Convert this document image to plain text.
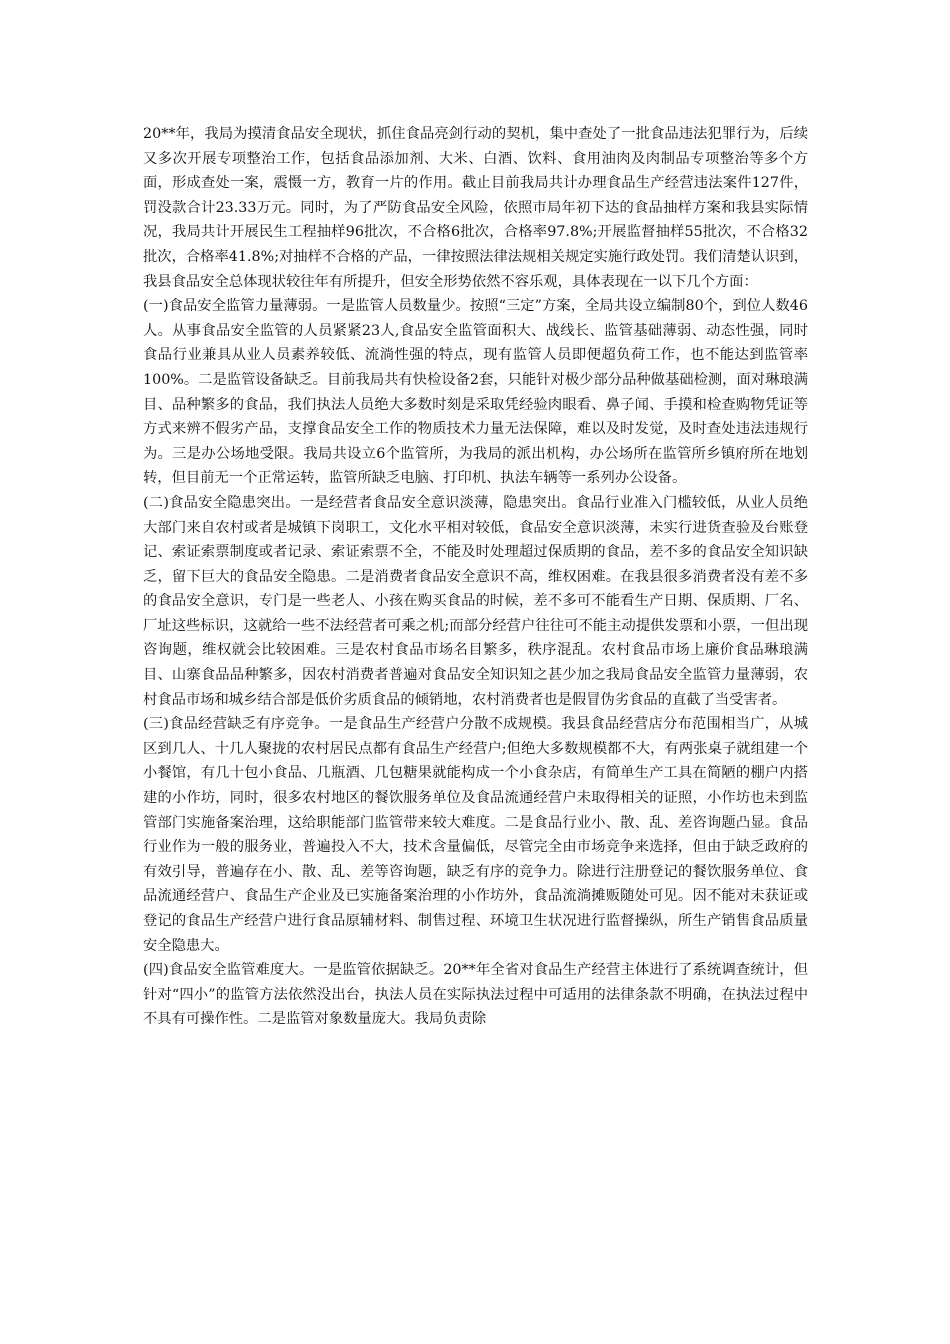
20**年，我局为摸清食品安全现状，抓住食品亮剑行动的契机，集中查处了一批食品违法犯罪行为，后续又多次开展专项整治工作，包括食品添加剂、大米、白酒、饮料、食用油肉及肉制品专项整治等多个方面，形成查处一案，震慑一方，教育一片的作用。截止目前我局共计办理食品生产经营违法案件127件，罚没款合计23.33万元。同时，为了严防食品安全风险，依照市局年初下达的食品抽样方案和我县实际情况，我局共计开展民生工程抽样96批次，不合格6批次，合格率97.8%;开展监督抽样55批次，不合格32批次，合格率41.8%;对抽样不合格的产品，一律按照法律法规相关规定实施行政处罚。我们清楚认识到，我县食品安全总体现状较往年有所提升，但安全形势依然不容乐观，具体表现在一以下几个方面：

(一)食品安全监管力量薄弱。一是监管人员数量少。按照“三定”方案，全局共设立编制80个，到位人数46人。从事食品安全监管的人员紧紧23人,食品安全监管面积大、战线长、监管基础薄弱、动态性强，同时食品行业兼具从业人员素养较低、流淌性强的特点，现有监管人员即便超负荷工作，也不能达到监管率100%。二是监管设备缺乏。目前我局共有快检设备2套，只能针对极少部分品种做基础检测，面对琳琅满目、品种繁多的食品，我们执法人员绝大多数时刻是采取凭经验肉眼看、鼻子闻、手摸和检查购物凭证等方式来辨不假劣产品，支撑食品安全工作的物质技术力量无法保障，难以及时发觉，及时查处违法违规行为。三是办公场地受限。我局共设立6个监管所，为我局的派出机构，办公场所在监管所乡镇府所在地划转，但目前无一个正常运转，监管所缺乏电脑、打印机、执法车辆等一系列办公设备。

(二)食品安全隐患突出。一是经营者食品安全意识淡薄，隐患突出。食品行业准入门槛较低，从业人员绝大部门来自农村或者是城镇下岗职工，文化水平相对较低，食品安全意识淡薄，未实行进货查验及台账登记、索证索票制度或者记录、索证索票不全，不能及时处理超过保质期的食品，差不多的食品安全知识缺乏，留下巨大的食品安全隐患。二是消费者食品安全意识不高，维权困难。在我县很多消费者没有差不多的食品安全意识，专门是一些老人、小孩在购买食品的时候，差不多可不能看生产日期、保质期、厂名、厂址这些标识，这就给一些不法经营者可乘之机;而部分经营户往往可不能主动提供发票和小票，一但出现咨询题，维权就会比较困难。三是农村食品市场名目繁多，秩序混乱。农村食品市场上廉价食品琳琅满目、山寨食品品种繁多，因农村消费者普遍对食品安全知识知之甚少加之我局食品安全监管力量薄弱，农村食品市场和城乡结合部是低价劣质食品的倾销地，农村消费者也是假冒伪劣食品的直截了当受害者。

(三)食品经营缺乏有序竞争。一是食品生产经营户分散不成规模。我县食品经营店分布范围相当广，从城区到几人、十几人聚拢的农村居民点都有食品生产经营户;但绝大多数规模都不大，有两张桌子就组建一个小餐馆，有几十包小食品、几瓶酒、几包糖果就能构成一个小食杂店，有简单生产工具在简陋的棚户内搭建的小作坊，同时，很多农村地区的餐饮服务单位及食品流通经营户未取得相关的证照，小作坊也未到监管部门实施备案治理，这给职能部门监管带来较大难度。二是食品行业小、散、乱、差咨询题凸显。食品行业作为一般的服务业，普遍投入不大，技术含量偏低，尽管完全由市场竞争来选择，但由于缺乏政府的有效引导，普遍存在小、散、乱、差等咨询题，缺乏有序的竞争力。除进行注册登记的餐饮服务单位、食品流通经营户、食品生产企业及已实施备案治理的小作坊外，食品流淌摊贩随处可见。因不能对未获证或登记的食品生产经营户进行食品原辅材料、制售过程、环境卫生状况进行监督操纵，所生产销售食品质量安全隐患大。

(四)食品安全监管难度大。一是监管依据缺乏。20**年全省对食品生产经营主体进行了系统调查统计，但针对“四小”的监管方法依然没出台，执法人员在实际执法过程中可适用的法律条款不明确，在执法过程中不具有可操作性。二是监管对象数量庞大。我局负责除
